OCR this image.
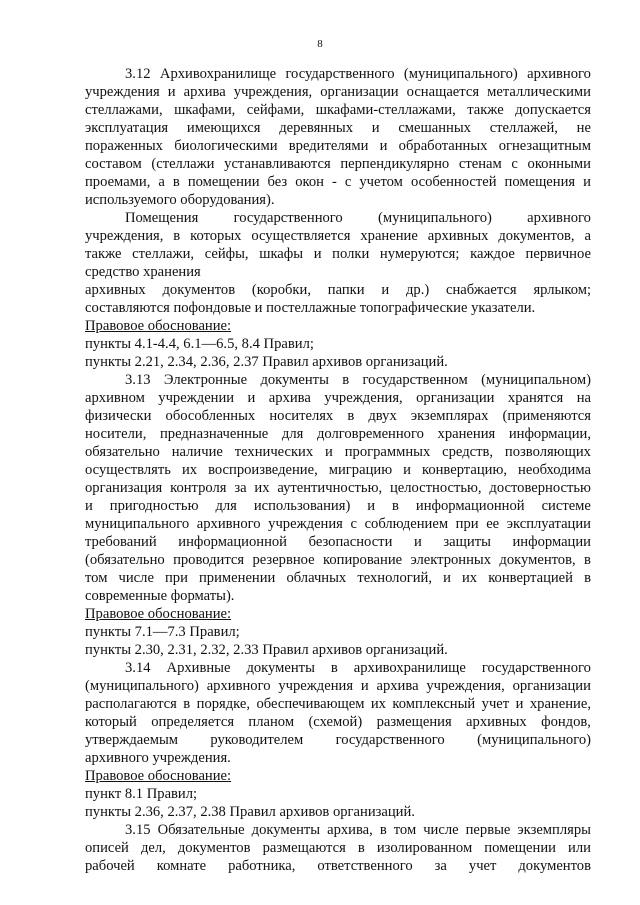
8
3.12 Архивохранилище государственного (муниципального) архивного
учреждения и архива учреждения, организации оснащается металлическими
стеллажами, шкафами, сейфами, шкафами-стеллажами, также допускается
эксплуатация имеющихся деревянных и смешанных стеллажей, не
пораженных биологическими вредителями и обработанных огнезащитным
составом (стеллажи устанавливаются перпендикулярно стенам с оконными
проемами, а в помещении без окон - с учетом особенностей помещения и
используемого оборудования).
Помещения государственного (муниципального) архивного
учреждения, в которых осуществляется хранение архивных документов, а
также стеллажи, сейфы, шкафы и полки нумеруются; каждое первичное
средство хранения
архивных документов (коробки, папки и др.) снабжается ярлыком;
составляются пофондовые и постеллажные топографические указатели.
Правовое обоснование:
пункты 4.1-4.4, 6.1—6.5, 8.4 Правил;
пункты 2.21, 2.34, 2.36, 2.37 Правил архивов организаций.
3.13 Электронные документы в государственном (муниципальном)
архивном учреждении и архива учреждения, организации хранятся на
физически обособленных носителях в двух экземплярах (применяются
носители, предназначенные для долговременного хранения информации,
обязательно наличие технических и программных средств, позволяющих
осуществлять их воспроизведение, миграцию и конвертацию, необходима
организация контроля за их аутентичностью, целостностью, достоверностью
и пригодностью для использования) и в информационной системе
муниципального архивного учреждения с соблюдением при ее эксплуатации
требований информационной безопасности и защиты информации
(обязательно проводится резервное копирование электронных документов, в
том числе при применении облачных технологий, и их конвертацией в
современные форматы).
Правовое обоснование:
пункты 7.1—7.3 Правил;
пункты 2.30, 2.31, 2.32, 2.33 Правил архивов организаций.
3.14 Архивные документы в архивохранилище государственного
(муниципального) архивного учреждения и архива учреждения, организации
располагаются в порядке, обеспечивающем их комплексный учет и хранение,
который определяется планом (схемой) размещения архивных фондов,
утверждаемым руководителем государственного (муниципального)
архивного учреждения.
Правовое обоснование:
пункт 8.1 Правил;
пункты 2.36, 2.37, 2.38 Правил архивов организаций.
3.15 Обязательные документы архива, в том числе первые экземпляры
описей дел, документов размещаются в изолированном помещении или
рабочей комнате работника, ответственного за учет документов
